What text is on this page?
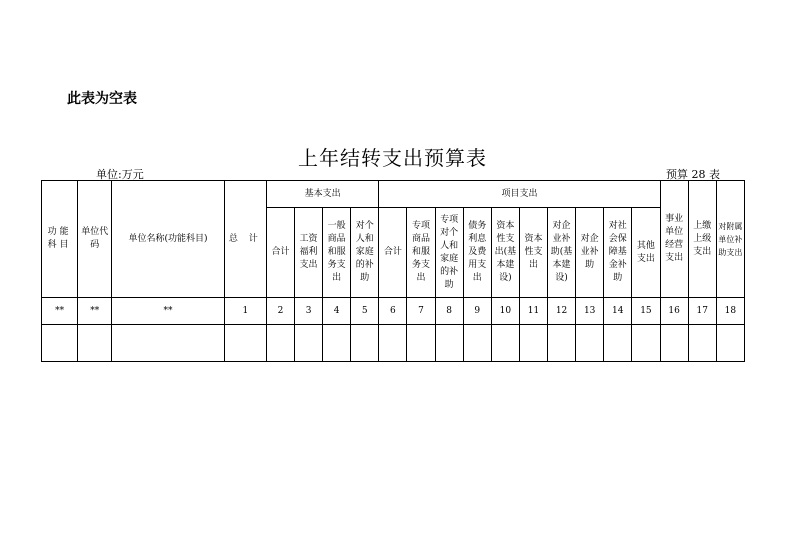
此表为空表
上年结转支出预算表
单位:万元	预算 28 表
功能科目	单位代码	单位名称(功能科目)	总 计	基本支出				项目支出										事业单位经营支出	上缴上级支出	对附属单位补助支出
				合计	工资福利支出	一般商品和服务支出	对个人和家庭的补助	合计	专项商品和服务支出	专项对个人和家庭的补助	债务利息及费用支出	资本性支出(基本建设)	资本性支出	对企业补助(基本建设)	对企业补助	对社会保障基金补助	其他支出			
**	**	**	1	2	3	4	5	6	7	8	9	10	11	12	13	14	15	16	17	18
